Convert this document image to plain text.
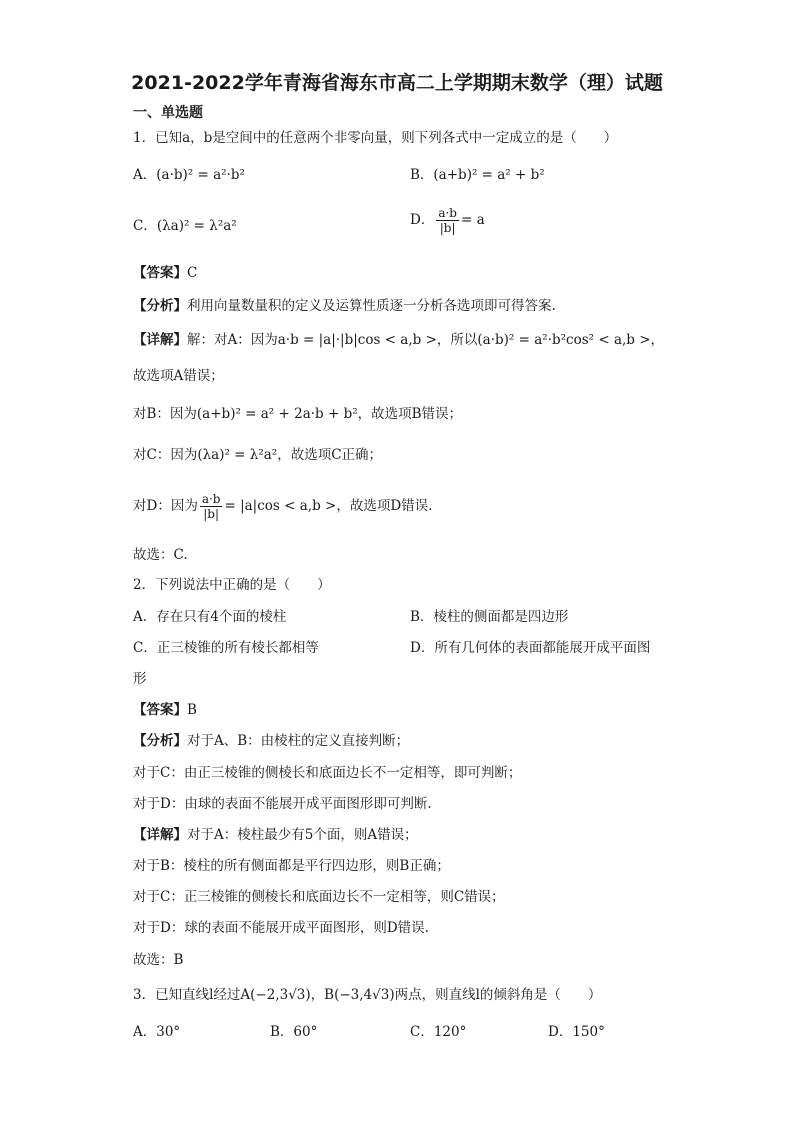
2021-2022学年青海省海东市高二上学期期末数学（理）试题
一、单选题
1．已知a，b是空间中的任意两个非零向量，则下列各式中一定成立的是（　　）
A．(a·b)² = a²·b²	B．(a+b)² = a² + b²
C．(λa)² = λ²a²	D． $\frac{a\cdot b}{|b|} = a$
【答案】C
【分析】利用向量数量积的定义及运算性质逐一分析各选项即可得答案.
【详解】解：对A：因为a·b = |a|·|b|cos < a,b >，所以(a·b)² = a²·b²cos² < a,b >，
故选项A错误；
对B：因为(a+b)² = a² + 2a·b + b²，故选项B错误；
对C：因为(λa)² = λ²a²，故选项C正确；
对D：因为 $\frac{a\cdot b}{|b|} = |a|\cos < a,b$ >，故选项D错误.
故选：C.
2．下列说法中正确的是（　　）
A．存在只有4个面的棱柱	B．棱柱的侧面都是四边形
C．正三棱锥的所有棱长都相等	D．所有几何体的表面都能展开成平面图
形
【答案】B
【分析】对于A、B：由棱柱的定义直接判断；
对于C：由正三棱锥的侧棱长和底面边长不一定相等，即可判断；
对于D：由球的表面不能展开成平面图形即可判断.
【详解】对于A：棱柱最少有5个面，则A错误；
对于B：棱柱的所有侧面都是平行四边形，则B正确；
对于C：正三棱锥的侧棱长和底面边长不一定相等，则C错误；
对于D：球的表面不能展开成平面图形，则D错误.
故选：B
3．已知直线l经过A(−2,3√3)，B(−3,4√3)两点，则直线l的倾斜角是（　　）
A．30°	B．60°	C．120°	D．150°
